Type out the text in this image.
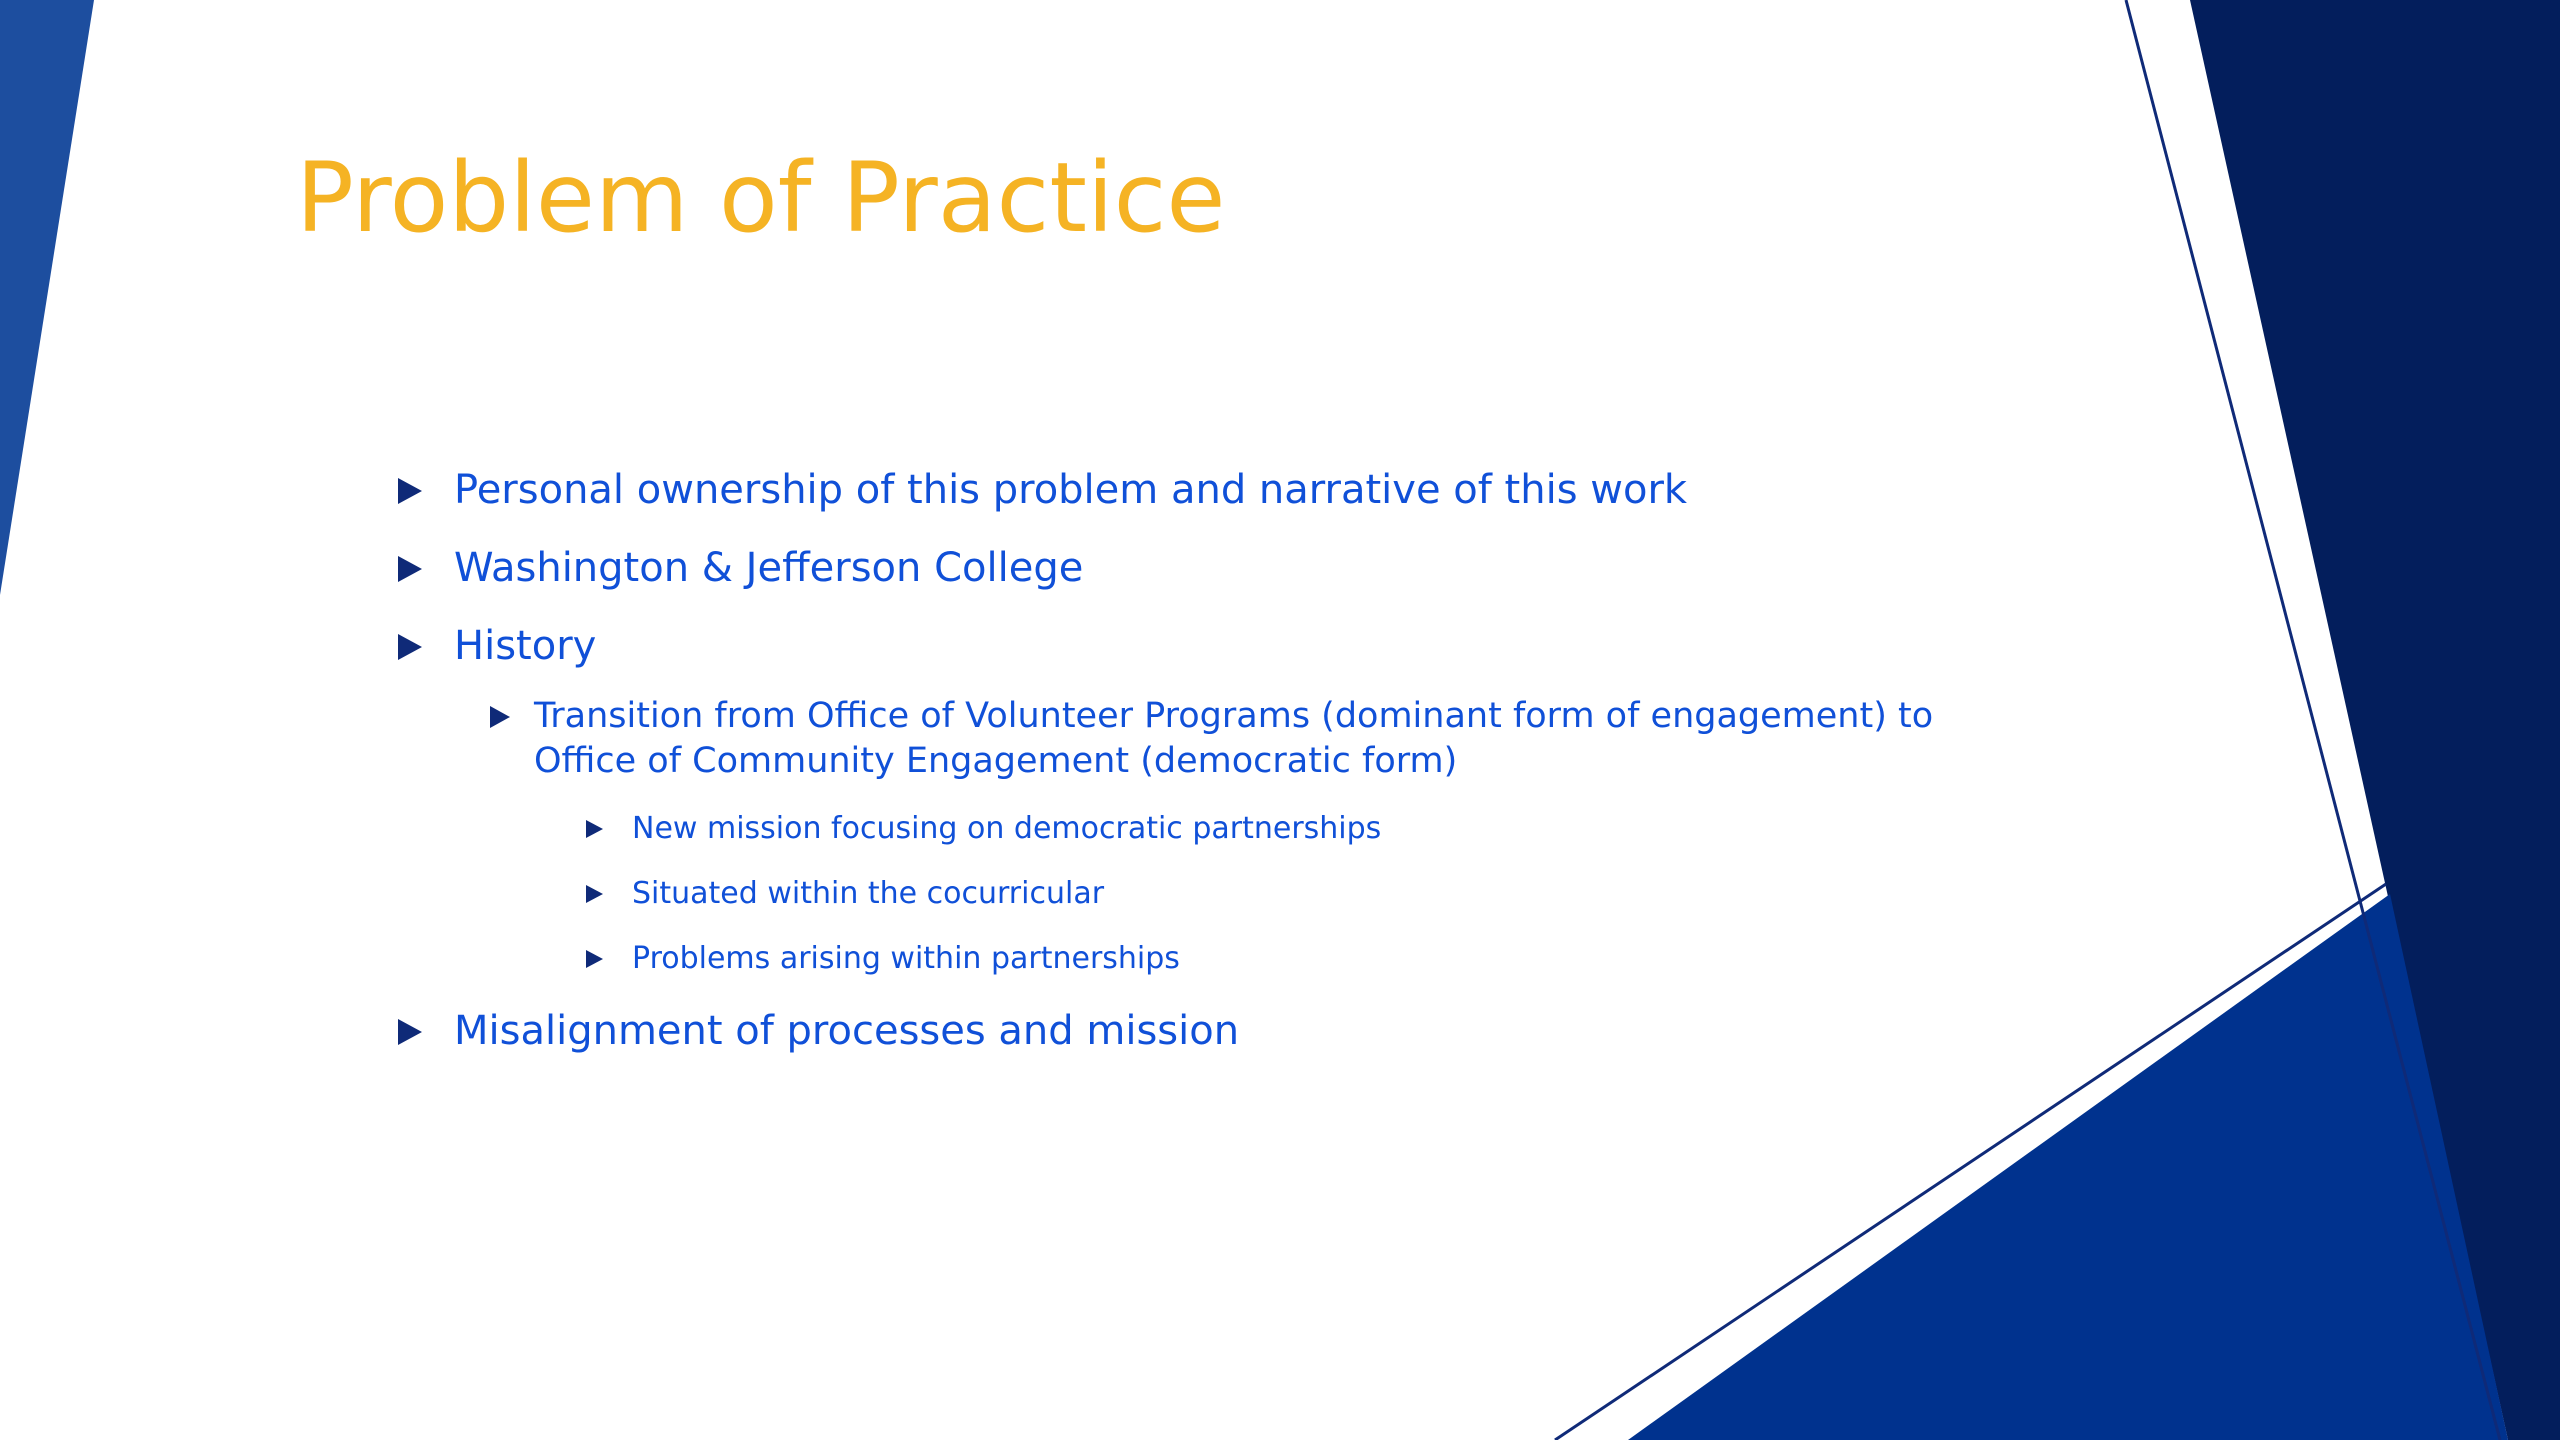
Problem of Practice
Personal ownership of this problem and narrative of this work
Washington & Jefferson College
History
Transition from Office of Volunteer Programs (dominant form of engagement) to Office of Community Engagement (democratic form)
New mission focusing on democratic partnerships
Situated within the cocurricular
Problems arising within partnerships
Misalignment of processes and mission
